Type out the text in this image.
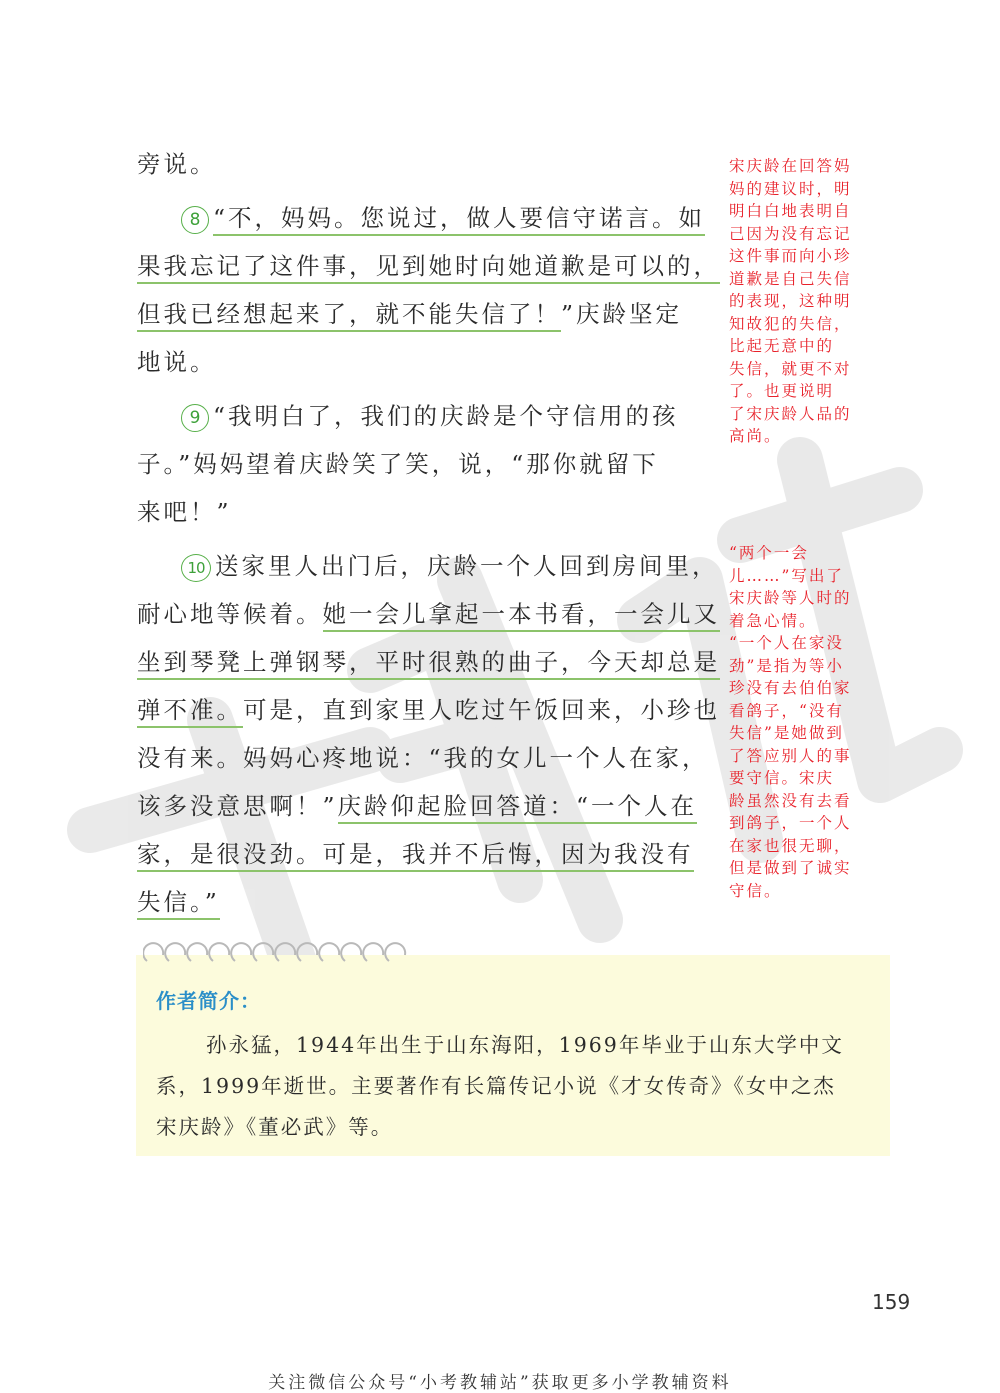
旁说。
8 “不，妈妈。您说过，做人要信守诺言。如
果我忘记了这件事，见到她时向她道歉是可以的，
但我已经想起来了，就不能失信了！”庆龄坚定
地说。
9 “我明白了，我们的庆龄是个守信用的孩
子。”妈妈望着庆龄笑了笑，说，“那你就留下
来吧！”
10 送家里人出门后，庆龄一个人回到房间里，
耐心地等候着。她一会儿拿起一本书看，一会儿又
坐到琴凳上弹钢琴，平时很熟的曲子，今天却总是
弹不准。可是，直到家里人吃过午饭回来，小珍也
没有来。妈妈心疼地说：“我的女儿一个人在家，
该多没意思啊！”庆龄仰起脸回答道：“一个人在
家，是很没劲。可是，我并不后悔，因为我没有
失信。”
宋庆龄在回答妈
妈的建议时，明
明白白地表明自
己因为没有忘记
这件事而向小珍
道歉是自己失信
的表现，这种明
知故犯的失信，
比起无意中的
失信，就更不对
了。也更说明
了宋庆龄人品的
高尚。
“两个一会
儿……”写出了
宋庆龄等人时的
着急心情。
“一个人在家没
劲”是指为等小
珍没有去伯伯家
看鸽子，“没有
失信”是她做到
了答应别人的事
要守信。宋庆
龄虽然没有去看
到鸽子，一个人
在家也很无聊，
但是做到了诚实
守信。
作者简介：
孙永猛，1944年出生于山东海阳，1969年毕业于山东大学中文
系，1999年逝世。主要著作有长篇传记小说《才女传奇》《女中之杰
宋庆龄》《董必武》等。
159
关注微信公众号“小考教辅站”获取更多小学教辅资料
